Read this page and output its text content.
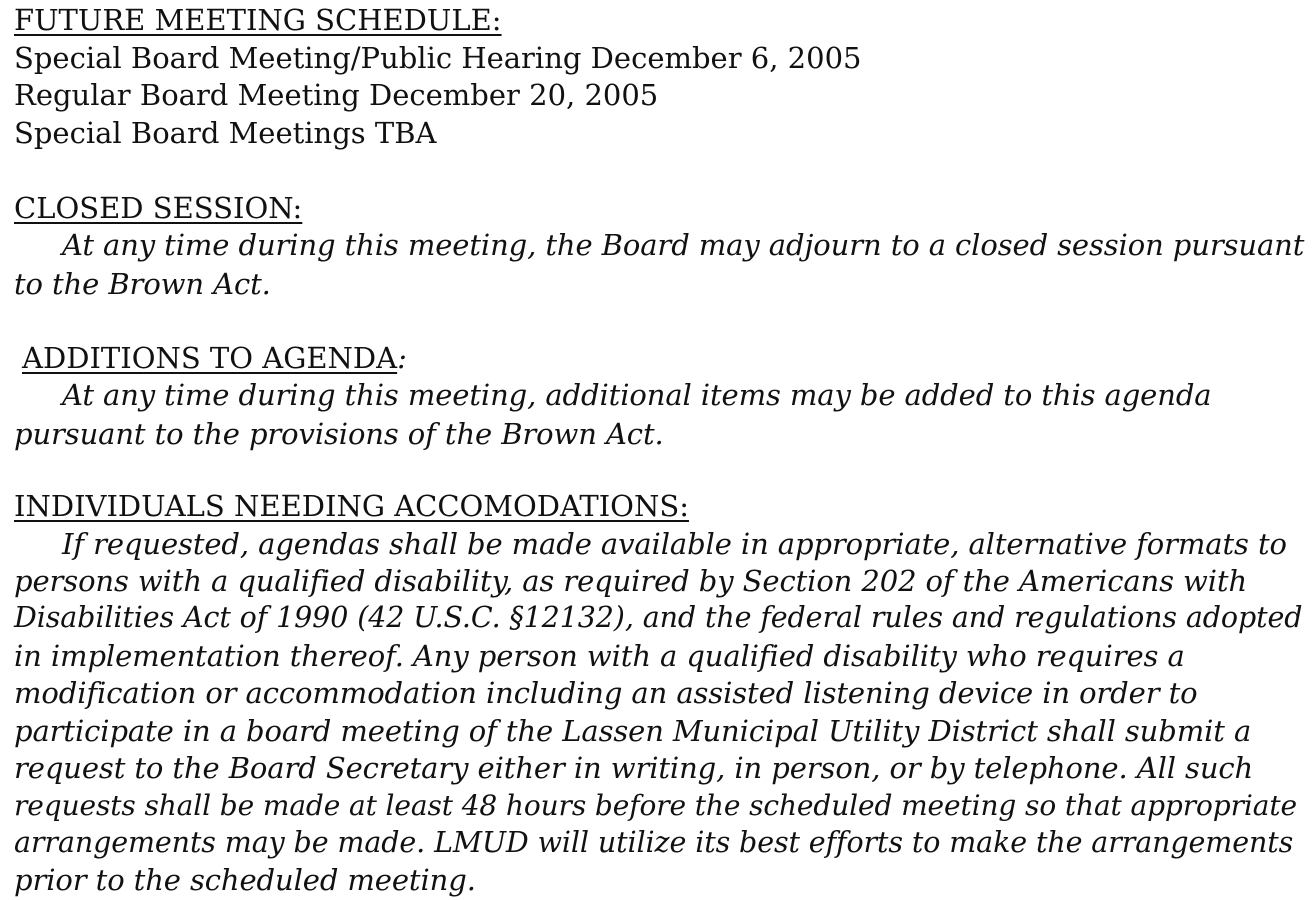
FUTURE MEETING SCHEDULE:
Special Board Meeting/Public Hearing December 6, 2005
Regular Board Meeting December 20, 2005
Special Board Meetings TBA
CLOSED SESSION:
At any time during this meeting, the Board may adjourn to a closed session pursuant
to the Brown Act.
ADDITIONS TO AGENDA:
At any time during this meeting, additional items may be added to this agenda
pursuant to the provisions of the Brown Act.
INDIVIDUALS NEEDING ACCOMODATIONS:
If requested, agendas shall be made available in appropriate, alternative formats to
persons with a qualified disability, as required by Section 202 of the Americans with
Disabilities Act of 1990 (42 U.S.C. §12132), and the federal rules and regulations adopted
in implementation thereof. Any person with a qualified disability who requires a
modification or accommodation including an assisted listening device in order to
participate in a board meeting of the Lassen Municipal Utility District shall submit a
request to the Board Secretary either in writing, in person, or by telephone. All such
requests shall be made at least 48 hours before the scheduled meeting so that appropriate
arrangements may be made. LMUD will utilize its best efforts to make the arrangements
prior to the scheduled meeting.
